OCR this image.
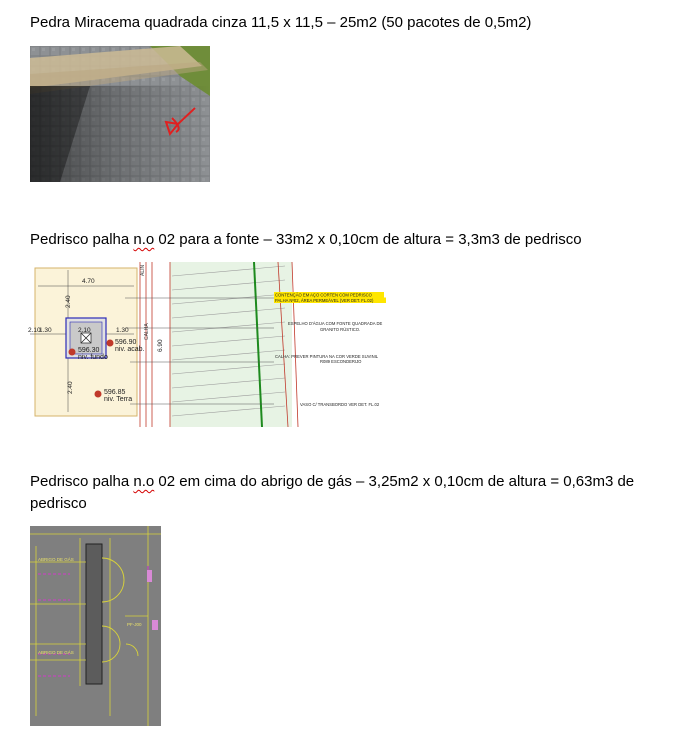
Pedra Miracema quadrada cinza 11,5 x 11,5 – 25m2 (50 pacotes de 0,5m2)

Pedrisco palha n.o 02 para a fonte – 33m2 x 0,10cm de altura = 3,3m3 de pedrisco

4.70
2.40
1.30	2.10	1.30
2.40
6.90
2.10
596.90
niv. acab.
596.30
niv. fundo
596.85
niv. Terra
CALHA
ALIN
CONTENÇÃO EM AÇO CORTEN COM PEDRISCO
PALHA Nº02, ÁREA PERMEÁVEL (VER DET. FL.02)
ESPELHO D'ÁGUA COM FONTE QUADRADA DE
GRANITO RÚSTICO.
CALHA: PREVER PINTURA NA COR VERDE SUVINIL
R089 ESCONDERIJO
VASO C/ TRANSBORDO VER DET. FL.02

Pedrisco palha n.o 02 em cima do abrigo de gás – 3,25m2 x 0,10cm de altura = 0,63m3 de
pedrisco

ABRIGO DE GÁS
ABRIGO DE GÁS
PF-J00
